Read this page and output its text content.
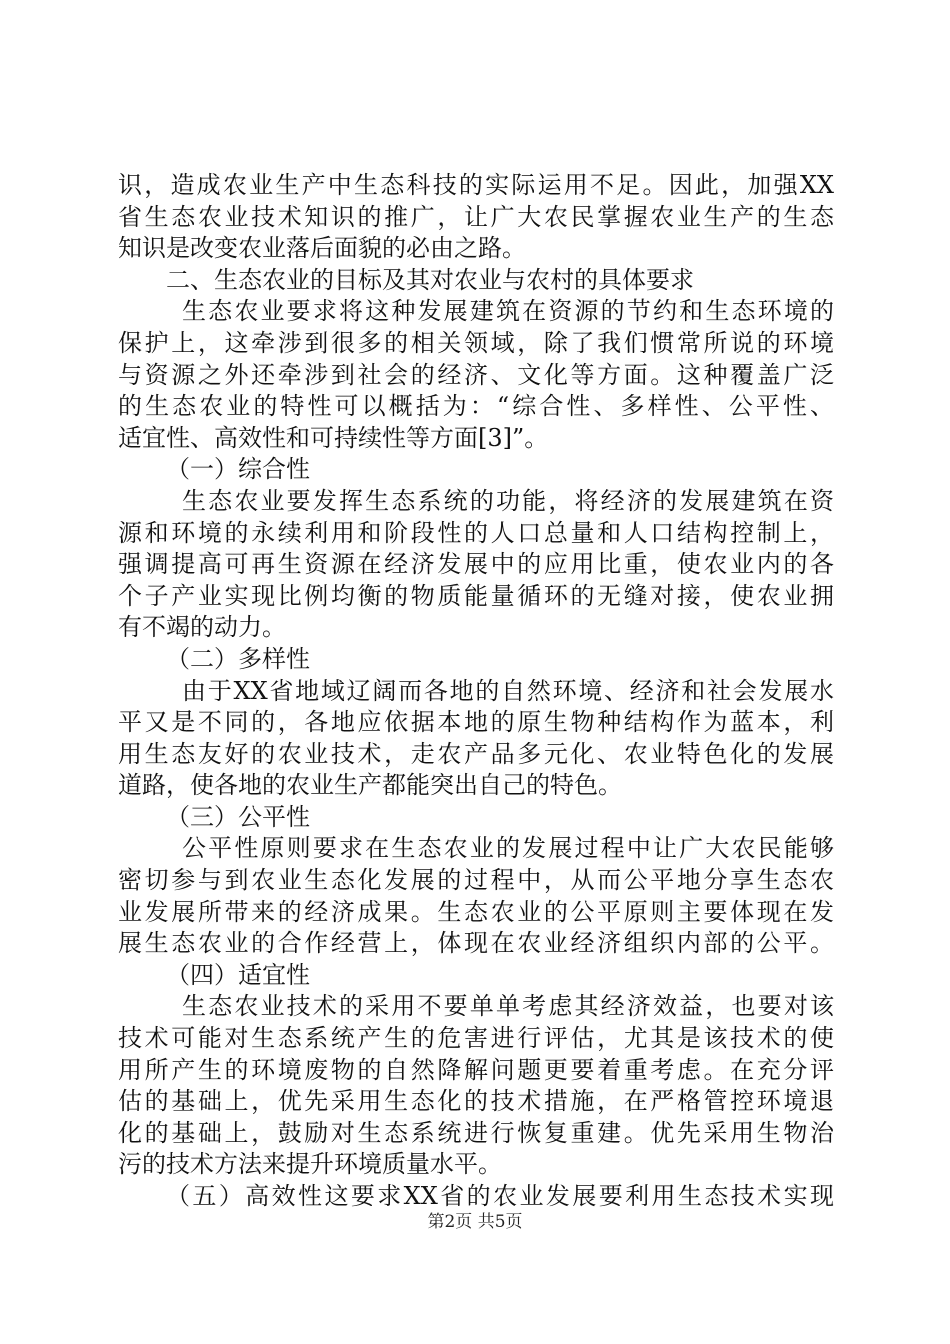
识，造成农业生产中生态科技的实际运用不足。因此，加强XX
省生态农业技术知识的推广，让广大农民掌握农业生产的生态
知识是改变农业落后面貌的必由之路。
二、生态农业的目标及其对农业与农村的具体要求
生态农业要求将这种发展建筑在资源的节约和生态环境的
保护上，这牵涉到很多的相关领域，除了我们惯常所说的环境
与资源之外还牵涉到社会的经济、文化等方面。这种覆盖广泛
的生态农业的特性可以概括为：“综合性、多样性、公平性、
适宜性、高效性和可持续性等方面[3]”。
（一）综合性
生态农业要发挥生态系统的功能，将经济的发展建筑在资
源和环境的永续利用和阶段性的人口总量和人口结构控制上，
强调提高可再生资源在经济发展中的应用比重，使农业内的各
个子产业实现比例均衡的物质能量循环的无缝对接，使农业拥
有不竭的动力。
（二）多样性
由于XX省地域辽阔而各地的自然环境、经济和社会发展水
平又是不同的，各地应依据本地的原生物种结构作为蓝本，利
用生态友好的农业技术，走农产品多元化、农业特色化的发展
道路，使各地的农业生产都能突出自己的特色。
（三）公平性
公平性原则要求在生态农业的发展过程中让广大农民能够
密切参与到农业生态化发展的过程中，从而公平地分享生态农
业发展所带来的经济成果。生态农业的公平原则主要体现在发
展生态农业的合作经营上，体现在农业经济组织内部的公平。
（四）适宜性
生态农业技术的采用不要单单考虑其经济效益，也要对该
技术可能对生态系统产生的危害进行评估，尤其是该技术的使
用所产生的环境废物的自然降解问题更要着重考虑。在充分评
估的基础上，优先采用生态化的技术措施，在严格管控环境退
化的基础上，鼓励对生态系统进行恢复重建。优先采用生物治
污的技术方法来提升环境质量水平。
（五）高效性这要求XX省的农业发展要利用生态技术实现
第2页 共5页
